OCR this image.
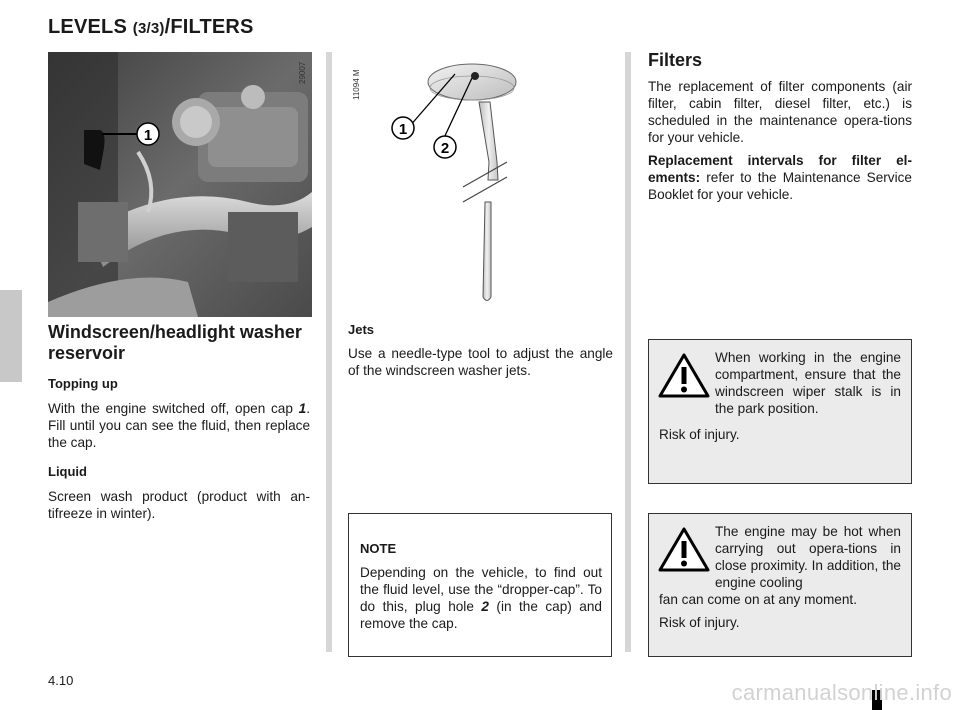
LEVELS (3/3)/FILTERS
1
29007
1
2
11094 M
Windscreen/headlight washer reservoir
Topping up
With the engine switched off, open cap 1. Fill until you can see the fluid, then replace the cap.
Liquid
Screen wash product (product with an-tifreeze in winter).
Jets
Use a needle-type tool to adjust the angle of the windscreen washer jets.
NOTE
Depending on the vehicle, to find out the fluid level, use the “dropper-cap”. To do this, plug hole 2 (in the cap) and remove the cap.
Filters
The replacement of filter components (air filter, cabin filter, diesel filter, etc.) is scheduled in the maintenance opera-tions for your vehicle.
Replacement intervals for filter el-ements: refer to the Maintenance Service Booklet for your vehicle.
When working in the engine compartment, ensure that the windscreen wiper stalk is in the park position.
Risk of injury.
The engine may be hot when carrying out opera-tions in close proximity. In addition, the engine cooling
fan can come on at any moment.
Risk of injury.
4.10	carmanualsonline.info
